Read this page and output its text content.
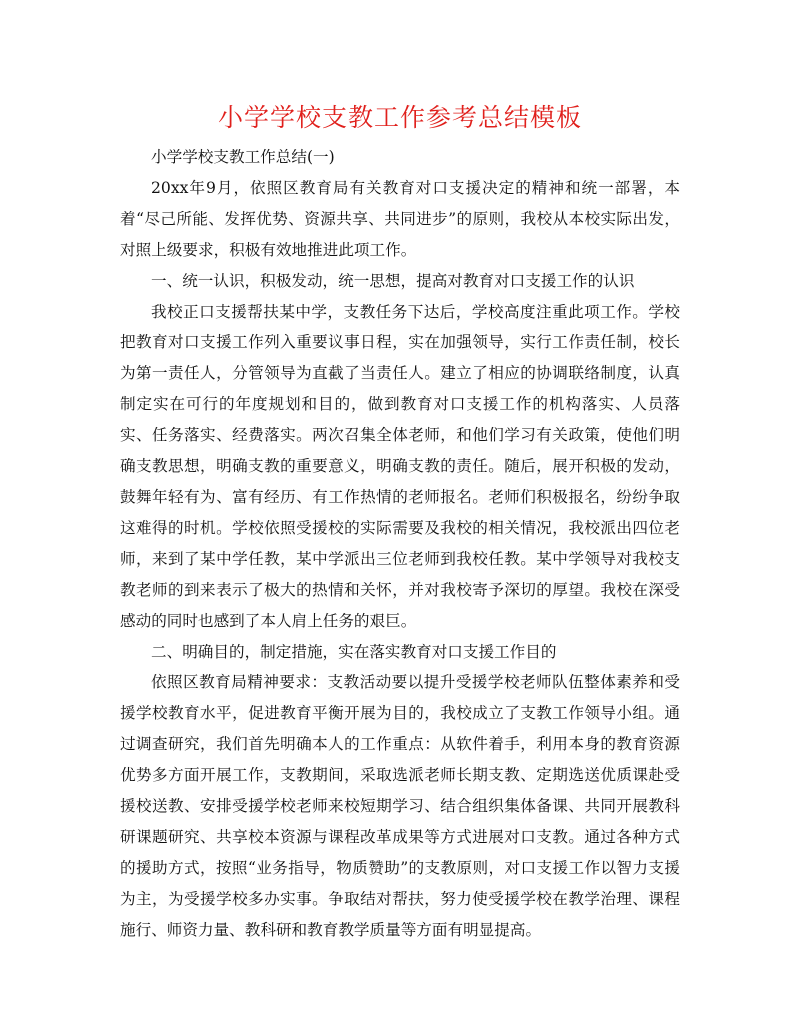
小学学校支教工作参考总结模板

小学学校支教工作总结(一)

20xx年9月，依照区教育局有关教育对口支援决定的精神和统一部署，本着“尽己所能、发挥优势、资源共享、共同进步”的原则，我校从本校实际出发，对照上级要求，积极有效地推进此项工作。

一、统一认识，积极发动，统一思想，提高对教育对口支援工作的认识

我校正口支援帮扶某中学，支教任务下达后，学校高度注重此项工作。学校把教育对口支援工作列入重要议事日程，实在加强领导，实行工作责任制，校长为第一责任人，分管领导为直截了当责任人。建立了相应的协调联络制度，认真制定实在可行的年度规划和目的，做到教育对口支援工作的机构落实、人员落实、任务落实、经费落实。两次召集全体老师，和他们学习有关政策，使他们明确支教思想，明确支教的重要意义，明确支教的责任。随后，展开积极的发动，鼓舞年轻有为、富有经历、有工作热情的老师报名。老师们积极报名，纷纷争取这难得的时机。学校依照受援校的实际需要及我校的相关情况，我校派出四位老师，来到了某中学任教，某中学派出三位老师到我校任教。某中学领导对我校支教老师的到来表示了极大的热情和关怀，并对我校寄予深切的厚望。我校在深受感动的同时也感到了本人肩上任务的艰巨。

二、明确目的，制定措施，实在落实教育对口支援工作目的

依照区教育局精神要求：支教活动要以提升受援学校老师队伍整体素养和受援学校教育水平，促进教育平衡开展为目的，我校成立了支教工作领导小组。通过调查研究，我们首先明确本人的工作重点：从软件着手，利用本身的教育资源优势多方面开展工作，支教期间，采取选派老师长期支教、定期选送优质课赴受援校送教、安排受援学校老师来校短期学习、结合组织集体备课、共同开展教科研课题研究、共享校本资源与课程改革成果等方式进展对口支教。通过各种方式的援助方式，按照“业务指导，物质赞助”的支教原则，对口支援工作以智力支援为主，为受援学校多办实事。争取结对帮扶，努力使受援学校在教学治理、课程施行、师资力量、教科研和教育教学质量等方面有明显提高。
